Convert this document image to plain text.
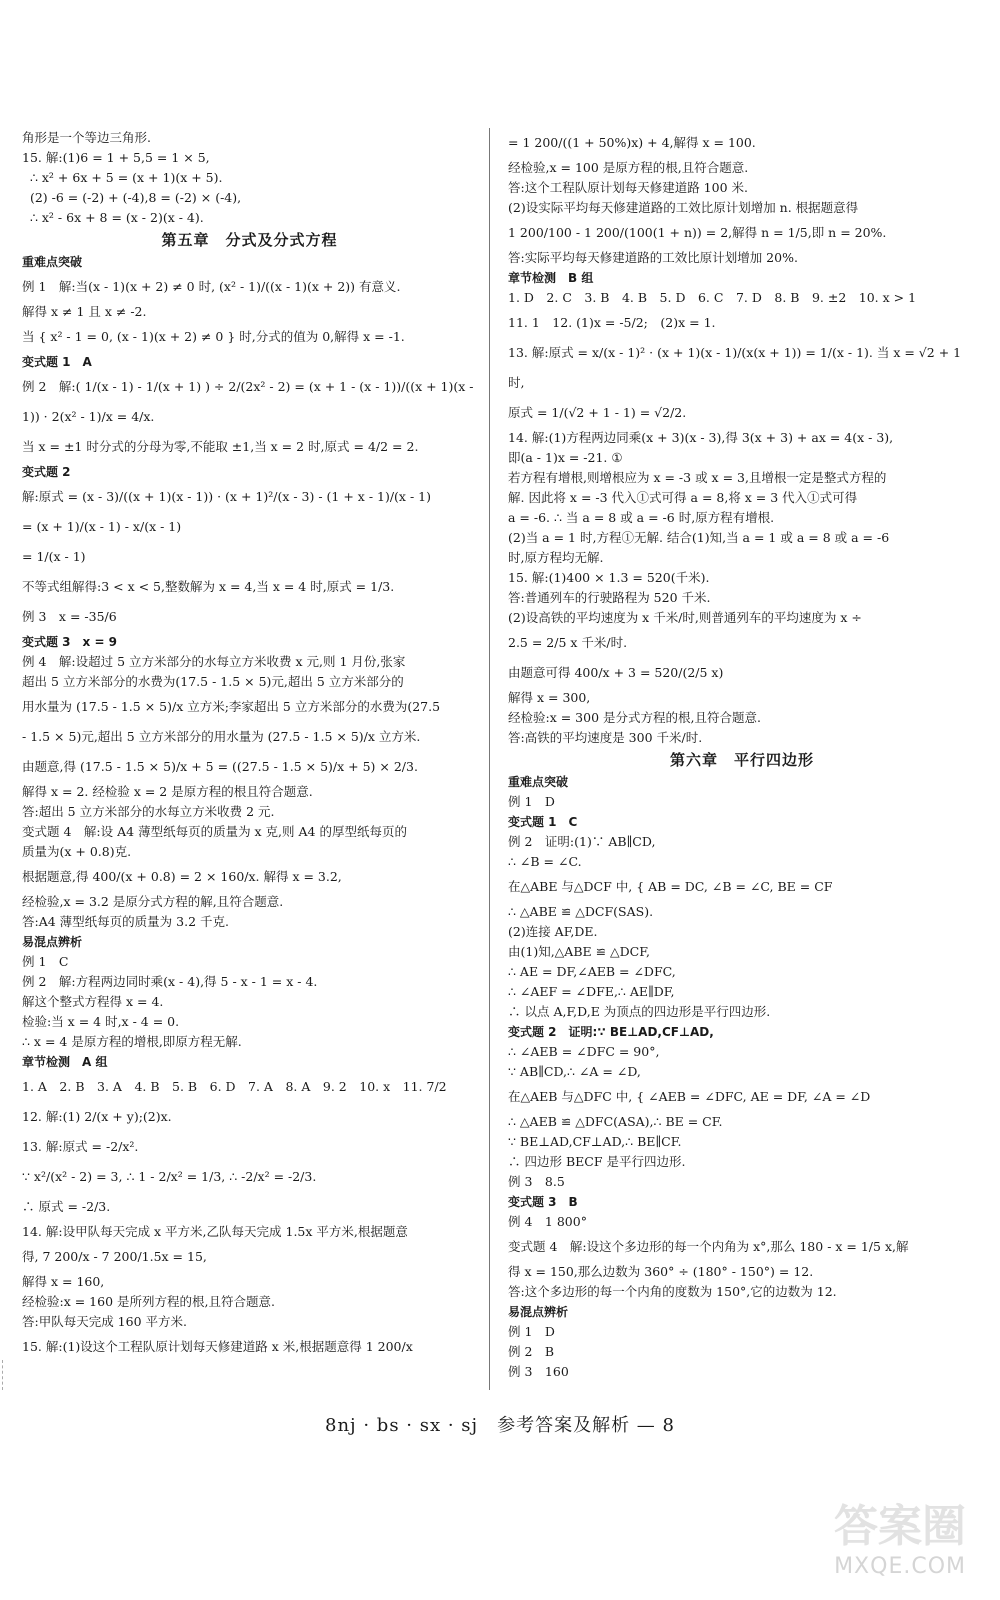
角形是一个等边三角形.
15. 解:(1)6 = 1 + 5,5 = 1 × 5,
∴ x² + 6x + 5 = (x + 1)(x + 5).
(2) -6 = (-2) + (-4),8 = (-2) × (-4),
∴ x² - 6x + 8 = (x - 2)(x - 4).
第五章　分式及分式方程
重难点突破
例 1　解:当(x - 1)(x + 2) ≠ 0 时, (x² - 1)/((x - 1)(x + 2)) 有意义.
解得 x ≠ 1 且 x ≠ -2.
当 { x² - 1 = 0, (x - 1)(x + 2) ≠ 0 } 时,分式的值为 0,解得 x = -1.
变式题 1　A
例 2　解:( 1/(x - 1) - 1/(x + 1) ) ÷ 2/(2x² - 2) = (x + 1 - (x - 1))/((x + 1)(x - 1)) · 2(x² - 1)/x = 4/x.
当 x = ±1 时分式的分母为零,不能取 ±1,当 x = 2 时,原式 = 4/2 = 2.
变式题 2
解:原式 = (x - 3)/((x + 1)(x - 1)) · (x + 1)²/(x - 3) - (1 + x - 1)/(x - 1)
= (x + 1)/(x - 1) - x/(x - 1)
= 1/(x - 1)
不等式组解得:3 < x < 5,整数解为 x = 4,当 x = 4 时,原式 = 1/3.
例 3　x = -35/6
变式题 3　x = 9
例 4　解:设超过 5 立方米部分的水每立方米收费 x 元,则 1 月份,张家
超出 5 立方米部分的水费为(17.5 - 1.5 × 5)元,超出 5 立方米部分的
用水量为 (17.5 - 1.5 × 5)/x 立方米;李家超出 5 立方米部分的水费为(27.5
- 1.5 × 5)元,超出 5 立方米部分的用水量为 (27.5 - 1.5 × 5)/x 立方米.
由题意,得 (17.5 - 1.5 × 5)/x + 5 = ((27.5 - 1.5 × 5)/x + 5) × 2/3.
解得 x = 2. 经检验 x = 2 是原方程的根且符合题意.
答:超出 5 立方米部分的水每立方米收费 2 元.
变式题 4　解:设 A4 薄型纸每页的质量为 x 克,则 A4 的厚型纸每页的
质量为(x + 0.8)克.
根据题意,得 400/(x + 0.8) = 2 × 160/x. 解得 x = 3.2,
经检验,x = 3.2 是原分式方程的解,且符合题意.
答:A4 薄型纸每页的质量为 3.2 千克.
易混点辨析
例 1　C
例 2　解:方程两边同时乘(x - 4),得 5 - x - 1 = x - 4.
解这个整式方程得 x = 4.
检验:当 x = 4 时,x - 4 = 0.
∴ x = 4 是原方程的增根,即原方程无解.
章节检测　A 组
1. A　2. B　3. A　4. B　5. B　6. D　7. A　8. A　9. 2　10. x　11. 7/2
12. 解:(1) 2/(x + y);(2)x.
13. 解:原式 = -2/x².
∵ x²/(x² - 2) = 3, ∴ 1 - 2/x² = 1/3, ∴ -2/x² = -2/3.
∴ 原式 = -2/3.
14. 解:设甲队每天完成 x 平方米,乙队每天完成 1.5x 平方米,根据题意
得, 7 200/x - 7 200/1.5x = 15,
解得 x = 160,
经检验:x = 160 是所列方程的根,且符合题意.
答:甲队每天完成 160 平方米.
15. 解:(1)设这个工程队原计划每天修建道路 x 米,根据题意得 1 200/x
= 1 200/((1 + 50%)x) + 4,解得 x = 100.
经检验,x = 100 是原方程的根,且符合题意.
答:这个工程队原计划每天修建道路 100 米.
(2)设实际平均每天修建道路的工效比原计划增加 n. 根据题意得
1 200/100 - 1 200/(100(1 + n)) = 2,解得 n = 1/5,即 n = 20%.
答:实际平均每天修建道路的工效比原计划增加 20%.
章节检测　B 组
1. D　2. C　3. B　4. B　5. D　6. C　7. D　8. B　9. ±2　10. x > 1
11. 1　12. (1)x = -5/2;　(2)x = 1.
13. 解:原式 = x/(x - 1)² · (x + 1)(x - 1)/(x(x + 1)) = 1/(x - 1). 当 x = √2 + 1 时,
原式 = 1/(√2 + 1 - 1) = √2/2.
14. 解:(1)方程两边同乘(x + 3)(x - 3),得 3(x + 3) + ax = 4(x - 3),
即(a - 1)x = -21. ①
若方程有增根,则增根应为 x = -3 或 x = 3,且增根一定是整式方程的
解. 因此将 x = -3 代入①式可得 a = 8,将 x = 3 代入①式可得
a = -6. ∴ 当 a = 8 或 a = -6 时,原方程有增根.
(2)当 a = 1 时,方程①无解. 结合(1)知,当 a = 1 或 a = 8 或 a = -6
时,原方程均无解.
15. 解:(1)400 × 1.3 = 520(千米).
答:普通列车的行驶路程为 520 千米.
(2)设高铁的平均速度为 x 千米/时,则普通列车的平均速度为 x ÷
2.5 = 2/5 x 千米/时.
由题意可得 400/x + 3 = 520/(2/5 x)
解得 x = 300,
经检验:x = 300 是分式方程的根,且符合题意.
答:高铁的平均速度是 300 千米/时.
第六章　平行四边形
重难点突破
例 1　D
变式题 1　C
例 2　证明:(1)∵ AB∥CD,
∴ ∠B = ∠C.
在△ABE 与△DCF 中, { AB = DC, ∠B = ∠C, BE = CF
∴ △ABE ≌ △DCF(SAS).
(2)连接 AF,DE.
由(1)知,△ABE ≌ △DCF,
∴ AE = DF,∠AEB = ∠DFC,
∴ ∠AEF = ∠DFE,∴ AE∥DF,
∴ 以点 A,F,D,E 为顶点的四边形是平行四边形.
变式题 2　证明:∵ BE⊥AD,CF⊥AD,
∴ ∠AEB = ∠DFC = 90°,
∵ AB∥CD,∴ ∠A = ∠D,
在△AEB 与△DFC 中, { ∠AEB = ∠DFC, AE = DF, ∠A = ∠D
∴ △AEB ≌ △DFC(ASA),∴ BE = CF.
∵ BE⊥AD,CF⊥AD,∴ BE∥CF.
∴ 四边形 BECF 是平行四边形.
例 3　8.5
变式题 3　B
例 4　1 800°
变式题 4　解:设这个多边形的每一个内角为 x°,那么 180 - x = 1/5 x,解
得 x = 150,那么边数为 360° ÷ (180° - 150°) = 12.
答:这个多边形的每一个内角的度数为 150°,它的边数为 12.
易混点辨析
例 1　D
例 2　B
例 3　160
8nj · bs · sx · sj　参考答案及解析 — 8
答案圈
MXQE.COM
